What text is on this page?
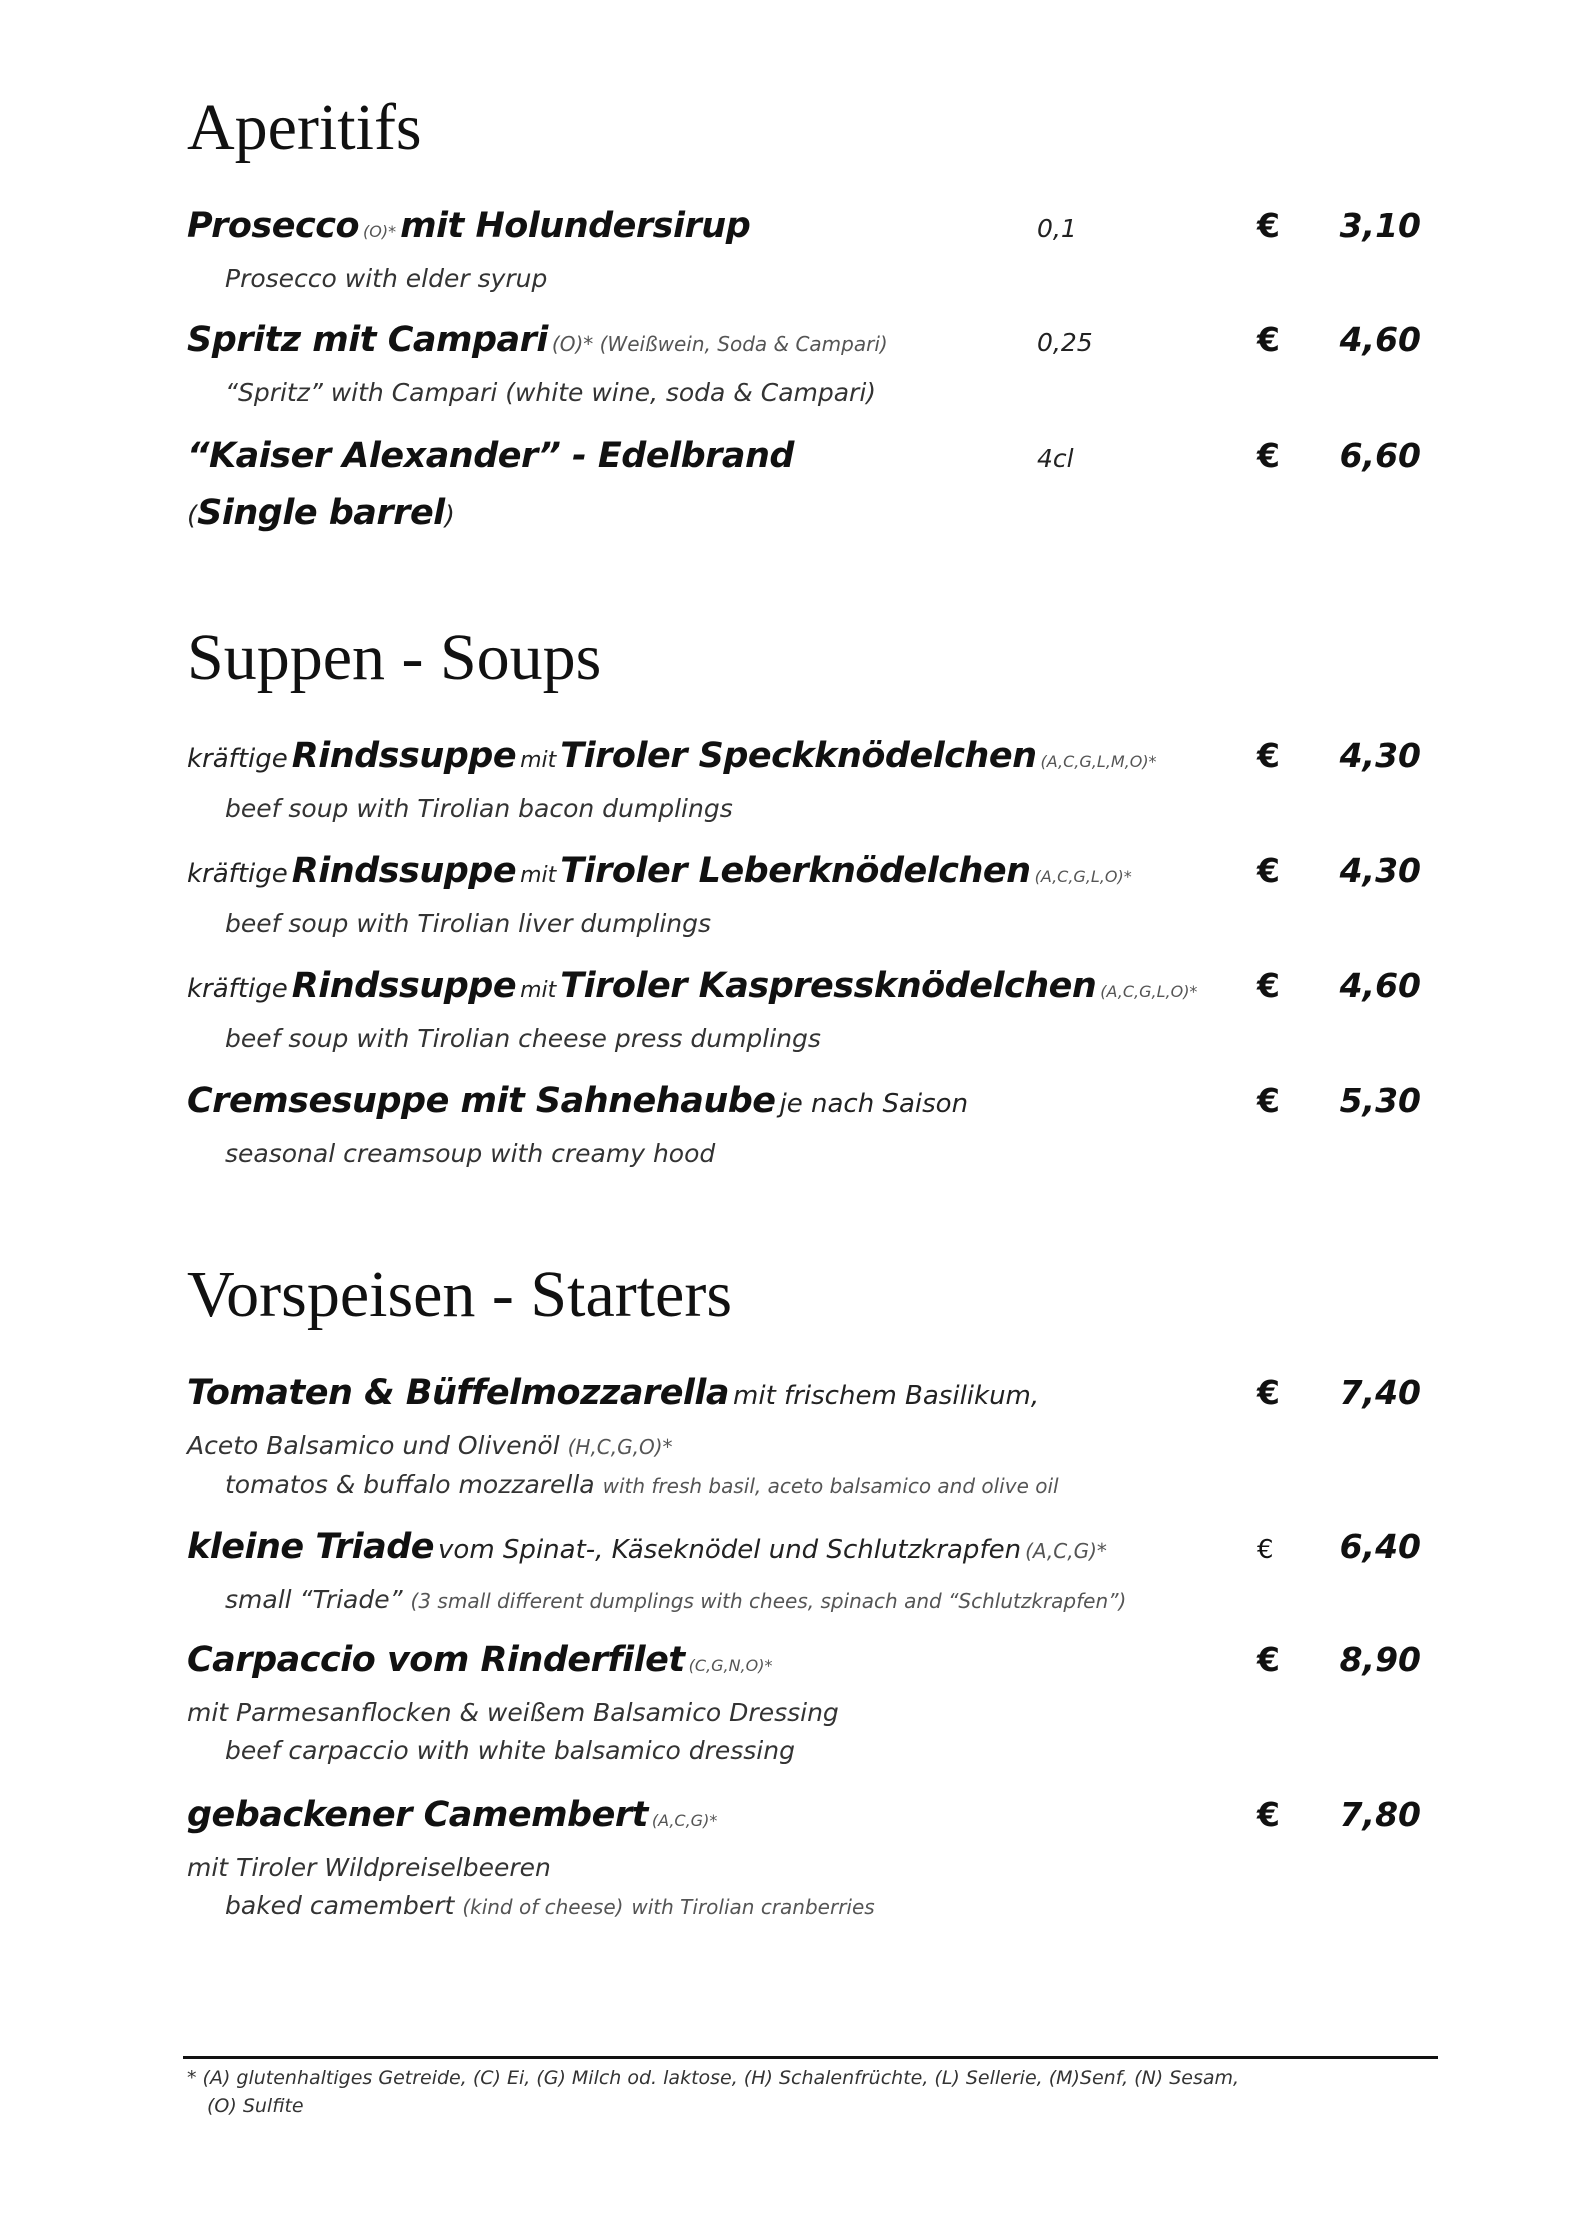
Aperitifs
Prosecco (O)* mit Holundersirup	0,1	€ 3,10
Prosecco with elder syrup
Spritz mit Campari (O)* (Weißwein, Soda & Campari)	0,25	€ 4,60
“Spritz” with Campari (white wine, soda & Campari)
“Kaiser Alexander” - Edelbrand	4cl	€ 6,60
(Single barrel)
Suppen - Soups
kräftige Rindssuppe mit Tiroler Speckknödelchen (A,C,G,L,M,O)*	€ 4,30
beef soup with Tirolian bacon dumplings
kräftige Rindssuppe mit Tiroler Leberknödelchen (A,C,G,L,O)*	€ 4,30
beef soup with Tirolian liver dumplings
kräftige Rindssuppe mit Tiroler Kaspressknödelchen (A,C,G,L,O)* € 4,60
beef soup with Tirolian cheese press dumplings
Cremsesuppe mit Sahnehaube je nach Saison	€ 5,30
seasonal creamsoup with creamy hood
Vorspeisen - Starters
Tomaten & Büffelmozzarella mit frischem Basilikum,	€ 7,40
Aceto Balsamico und Olivenöl (H,C,G,O)*
tomatos & buffalo mozzarella with fresh basil, aceto balsamico and olive oil
kleine Triade vom Spinat-, Käseknödel und Schlutzkrapfen (A,C,G)*	€ 6,40
small “Triade” (3 small different dumplings with chees, spinach and “Schlutzkrapfen”)
Carpaccio vom Rinderfilet (C,G,N,O)*	€ 8,90
mit Parmesanflocken & weißem Balsamico Dressing
beef carpaccio with white balsamico dressing
gebackener Camembert (A,C,G)*	€ 7,80
mit Tiroler Wildpreiselbeeren
baked camembert (kind of cheese) with Tirolian cranberries
* (A) glutenhaltiges Getreide, (C) Ei, (G) Milch od. laktose, (H) Schalenfrüchte, (L) Sellerie, (M)Senf, (N) Sesam,
(O) Sulfite
